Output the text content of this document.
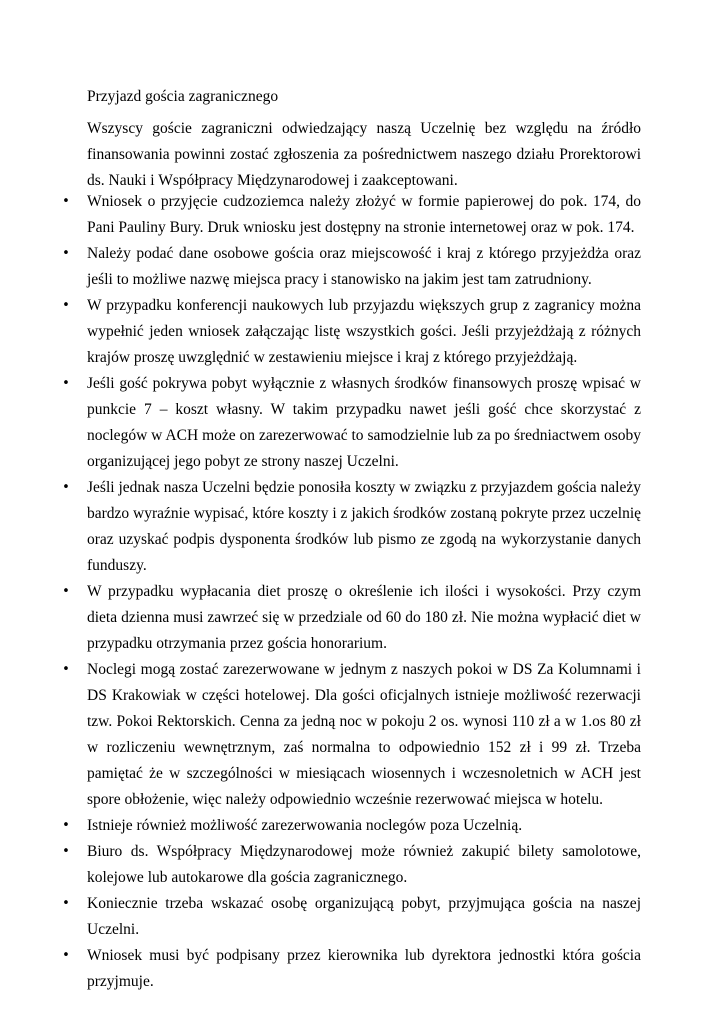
Przyjazd gościa zagranicznego
Wszyscy goście zagraniczni odwiedzający naszą Uczelnię bez względu na źródło finansowania powinni zostać zgłoszenia za pośrednictwem naszego działu Prorektorowi ds. Nauki i Współpracy Międzynarodowej i zaakceptowani.
• Wniosek o przyjęcie cudzoziemca należy złożyć w formie papierowej do pok. 174, do Pani Pauliny Bury. Druk wniosku jest dostępny na stronie internetowej oraz w pok. 174.
• Należy podać dane osobowe gościa oraz miejscowość i kraj z którego przyjeżdża oraz jeśli to możliwe nazwę miejsca pracy i stanowisko na jakim jest tam zatrudniony.
• W przypadku konferencji naukowych lub przyjazdu większych grup z zagranicy można wypełnić jeden wniosek załączając listę wszystkich gości. Jeśli przyjeżdżają z różnych krajów proszę uwzględnić w zestawieniu miejsce i kraj z którego przyjeżdżają.
• Jeśli gość pokrywa pobyt wyłącznie z własnych środków finansowych proszę wpisać w punkcie 7 – koszt własny. W takim przypadku nawet jeśli gość chce skorzystać z noclegów w ACH może on zarezerwować to samodzielnie lub za po średniactwem osoby organizującej jego pobyt ze strony naszej Uczelni.
• Jeśli jednak nasza Uczelni będzie ponosiła koszty w związku z przyjazdem gościa należy bardzo wyraźnie wypisać, które koszty i z jakich środków zostaną pokryte przez uczelnię oraz uzyskać podpis dysponenta środków lub pismo ze zgodą na wykorzystanie danych funduszy.
• W przypadku wypłacania diet proszę o określenie ich ilości i wysokości. Przy czym dieta dzienna musi zawrzeć się w przedziale od 60 do 180 zł. Nie można wypłacić diet w przypadku otrzymania przez gościa honorarium.
• Noclegi mogą zostać zarezerwowane w jednym z naszych pokoi w DS Za Kolumnami i DS Krakowiak w części hotelowej. Dla gości oficjalnych istnieje możliwość rezerwacji tzw. Pokoi Rektorskich. Cenna za jedną noc w pokoju 2 os. wynosi 110 zł a w 1.os 80 zł w rozliczeniu wewnętrznym, zaś normalna to odpowiednio 152 zł i 99 zł. Trzeba pamiętać że w szczególności w miesiącach wiosennych i wczesnoletnich w ACH jest spore obłożenie, więc należy odpowiednio wcześnie rezerwować miejsca w hotelu.
• Istnieje również możliwość zarezerwowania noclegów poza Uczelnią.
• Biuro ds. Współpracy Międzynarodowej może również zakupić bilety samolotowe, kolejowe lub autokarowe dla gościa zagranicznego.
• Koniecznie trzeba wskazać osobę organizującą pobyt, przyjmująca gościa na naszej Uczelni.
• Wniosek musi być podpisany przez kierownika lub dyrektora jednostki która gościa przyjmuje.
